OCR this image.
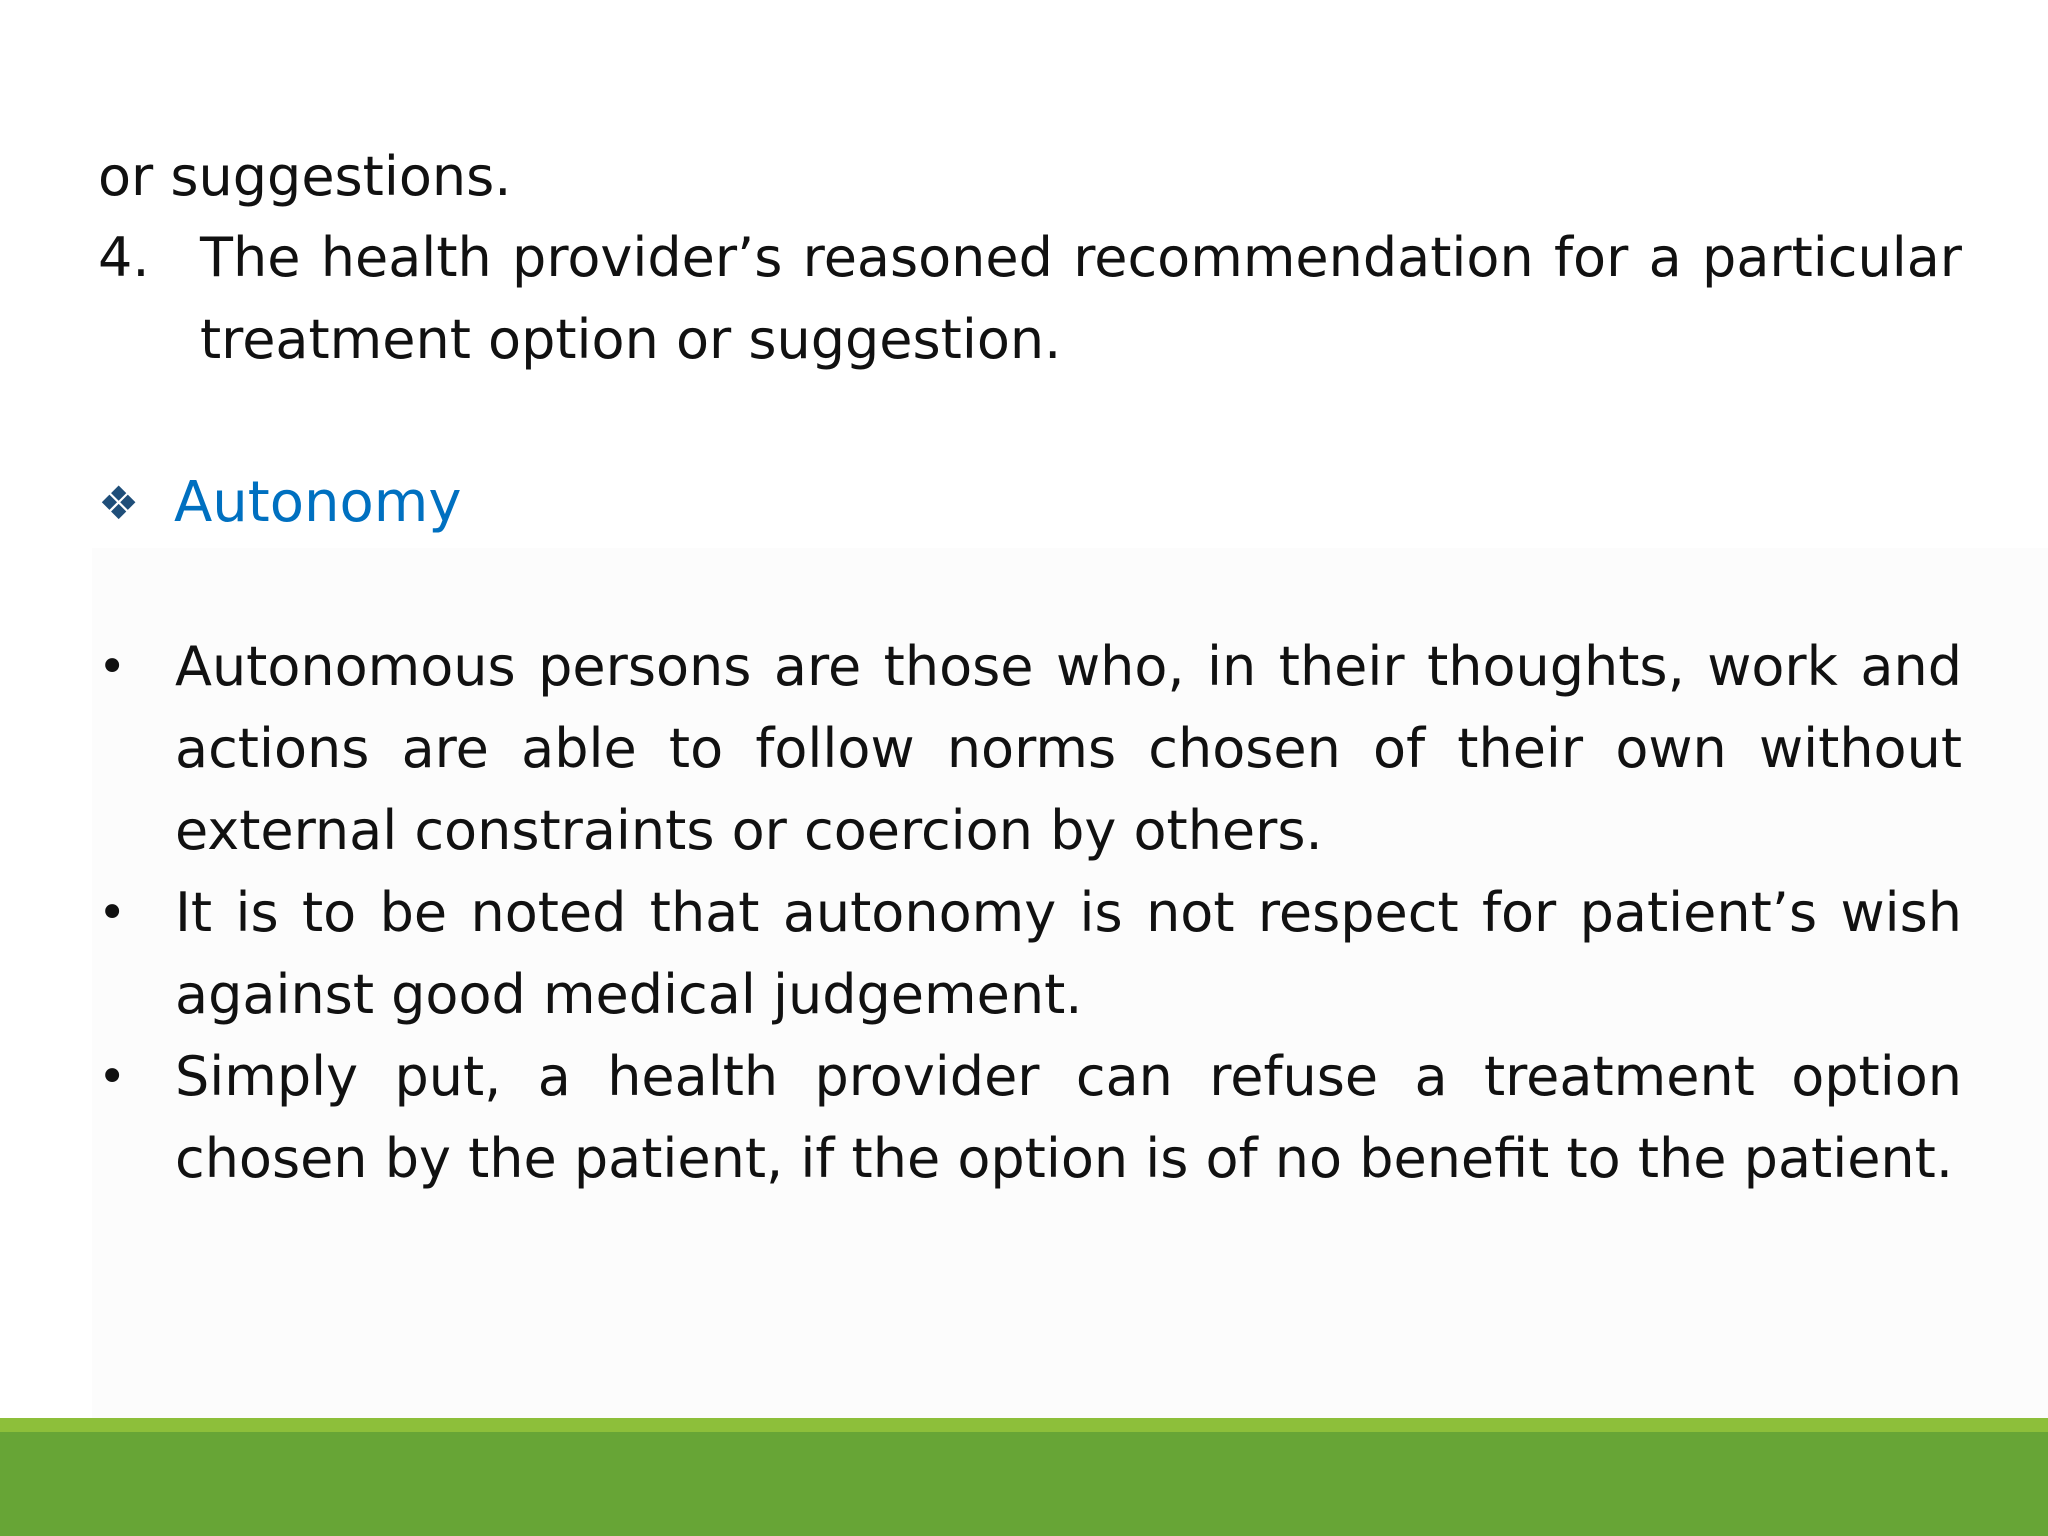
or suggestions.
4. The health provider’s reasoned recommendation for a particular treatment option or suggestion.
❖ Autonomy
• Autonomous persons are those who, in their thoughts, work and actions are able to follow norms chosen of their own without external constraints or coercion by others.
• It is to be noted that autonomy is not respect for patient’s wish against good medical judgement.
• Simply put, a health provider can refuse a treatment option chosen by the patient, if the option is of no benefit to the patient.
